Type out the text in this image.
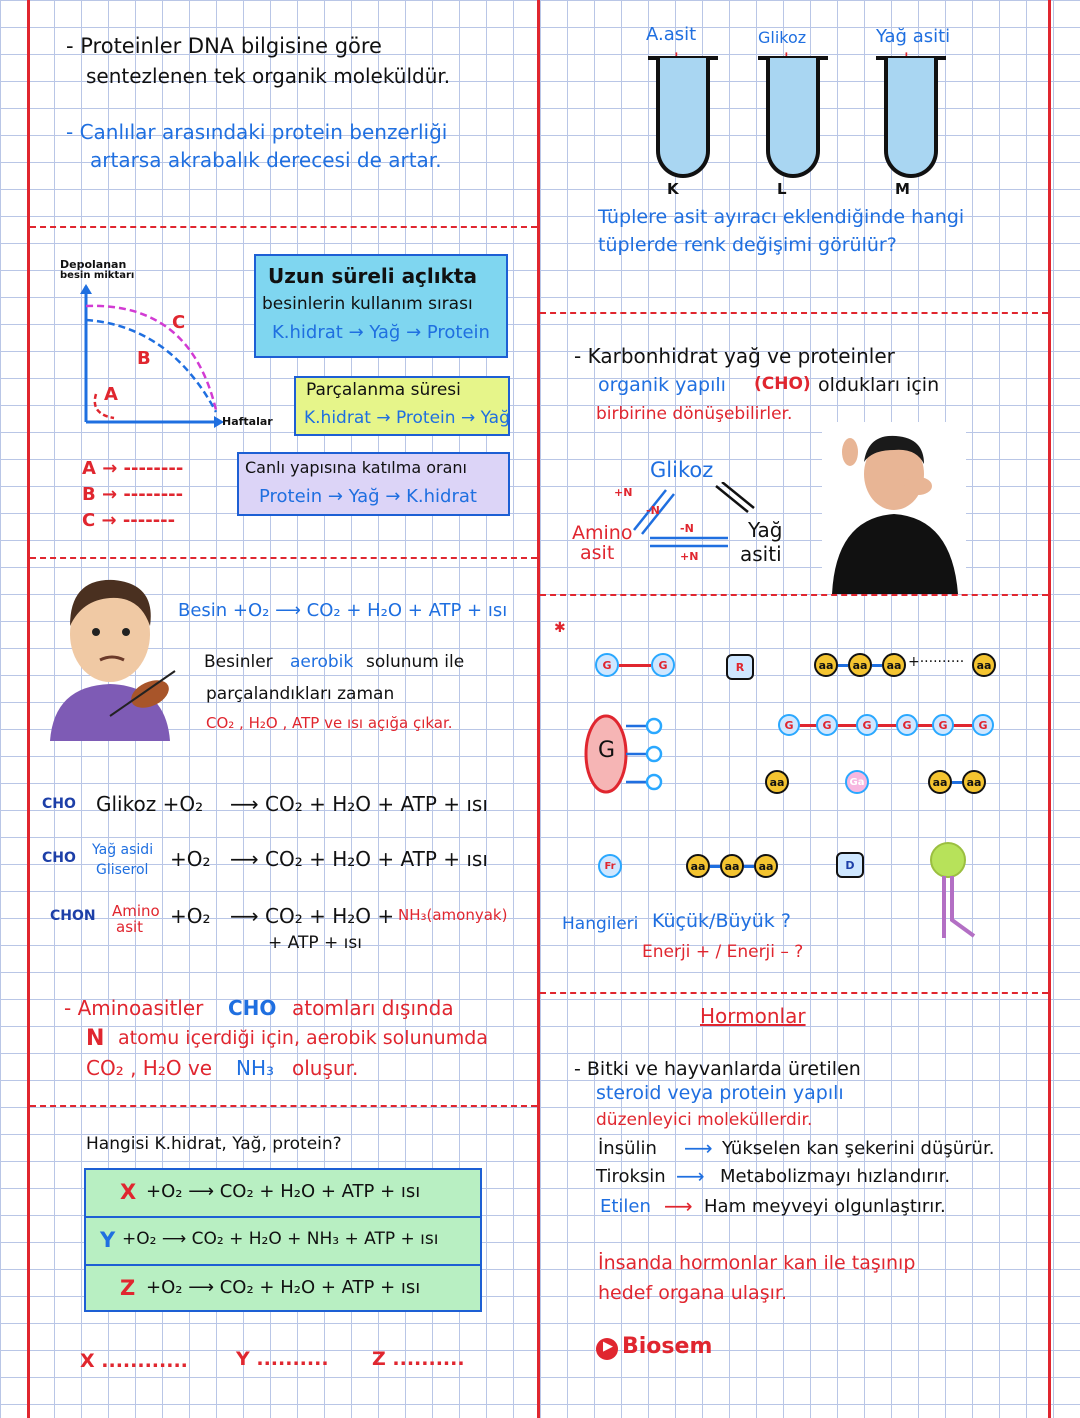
- Proteinler DNA bilgisine göre
sentezlenen tek organik moleküldür.
- Canlılar arasındaki protein benzerliği
artarsa akrabalık derecesi de artar.
Depolanan
besin miktarı
C
B
A
Haftalar
A → --------
B → --------
C → -------
Uzun süreli açlıkta
besinlerin kullanım sırası
K.hidrat → Yağ → Protein
Parçalanma süresi
K.hidrat → Protein → Yağ
Canlı yapısına katılma oranı
Protein → Yağ → K.hidrat
Besin +O₂ ⟶ CO₂ + H₂O + ATP + ısı
Besinler aerobik solunum ile
parçalandıkları zaman
CO₂ , H₂O , ATP ve ısı açığa çıkar.
CHO Glikoz +O₂ ⟶ CO₂ + H₂O + ATP + ısı
CHO Yağ asidi
Gliserol +O₂ ⟶ CO₂ + H₂O + ATP + ısı
CHON Amino
asit +O₂ ⟶ CO₂ + H₂O + NH₃(amonyak)
+ ATP + ısı
- Aminoasitler CHO atomları dışında
N atomu içerdiği için, aerobik solunumda
CO₂ , H₂O ve NH₃ oluşur.
Hangisi K.hidrat, Yağ, protein?
X +O₂ ⟶ CO₂ + H₂O + ATP + ısı
Y +O₂ ⟶ CO₂ + H₂O + NH₃ + ATP + ısı
Z +O₂ ⟶ CO₂ + H₂O + ATP + ısı
X ............	Y .......... Z ..........
A.asit	Glikoz	Yağ asiti
K	L	M
Tüplere asit ayıracı eklendiğinde hangi
tüplerde renk değişimi görülür?
- Karbonhidrat yağ ve proteinler
organik yapılı (CHO) oldukları için
birbirine dönüşebilirler.
Glikoz
Amino
asit
Yağ
asiti
+N
-N
-N
+N
✱
G	G	R	aa	aa	aa +··········	aa
G
G	G	G	G	G	G
aa	Ga	aa	aa
Fr	aa	aa	aa	D
Hangileri Küçük/Büyük ?
Enerji + / Enerji – ?
Hormonlar
- Bitki ve hayvanlarda üretilen
steroid veya protein yapılı
düzenleyici moleküllerdir.
İnsülin ⟶ Yükselen kan şekerini düşürür.
Tiroksin ⟶ Metabolizmayı hızlandırır.
Etilen ⟶ Ham meyveyi olgunlaştırır.
İnsanda hormonlar kan ile taşınıp
hedef organa ulaşır.
▶ Biosem
